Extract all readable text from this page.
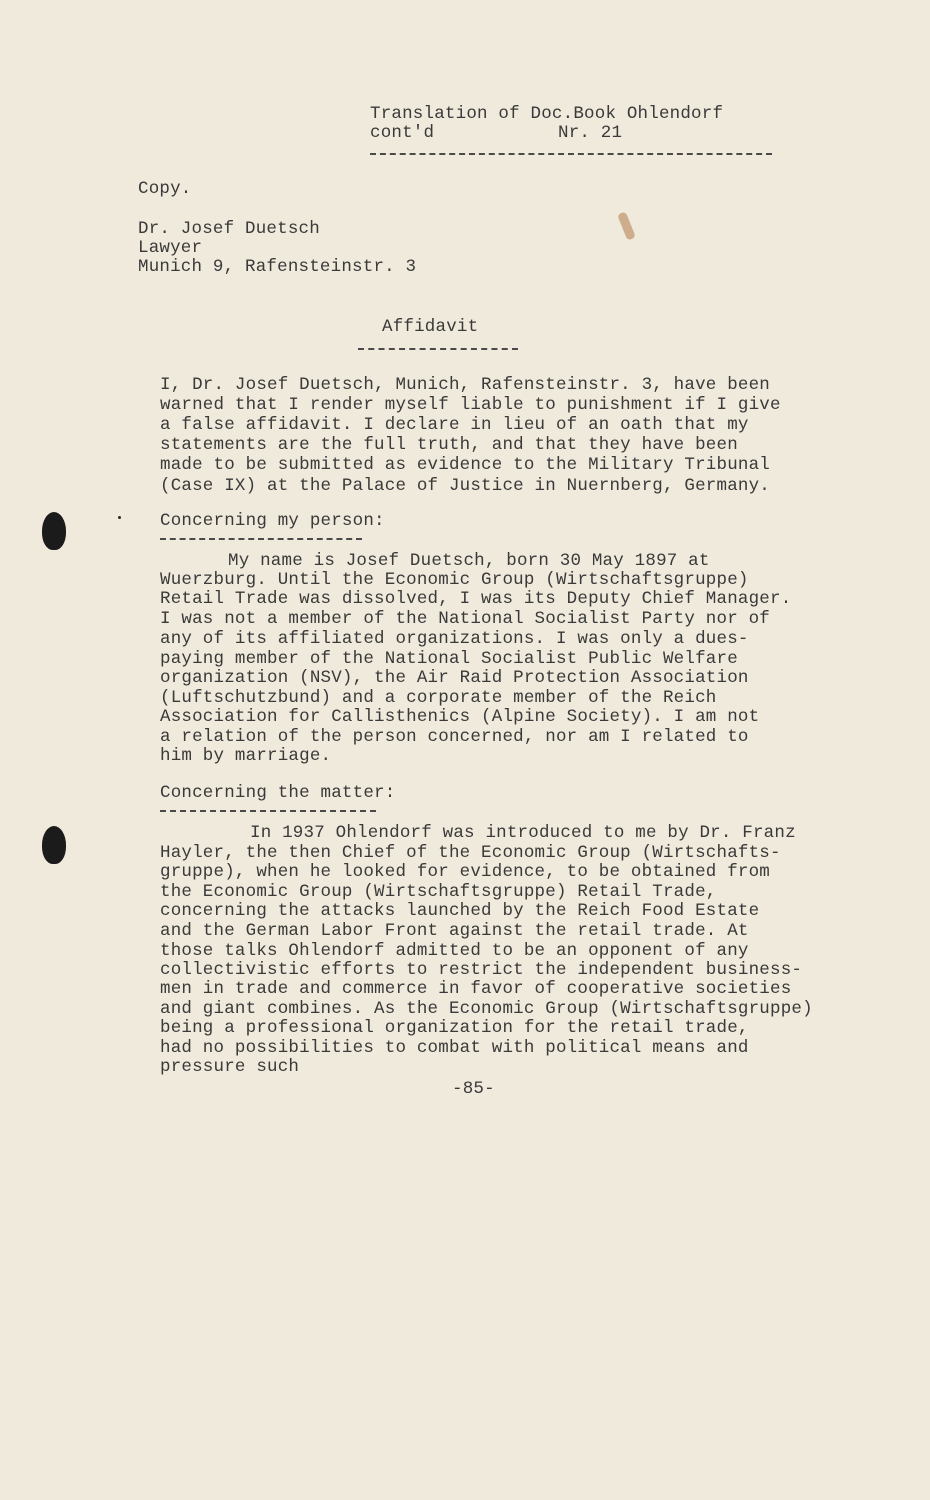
Translation of Doc.Book Ohlendorf
cont'd	Nr. 21
Copy.
Dr. Josef Duetsch
Lawyer
Munich 9, Rafensteinstr. 3
Affidavit
I, Dr. Josef Duetsch, Munich, Rafensteinstr. 3, have been
warned that I render myself liable to punishment if I give
a false affidavit. I declare in lieu of an oath that my
statements are the full truth, and that they have been
made to be submitted as evidence to the Military Tribunal
(Case IX) at the Palace of Justice in Nuernberg, Germany.
Concerning my person:
My name is Josef Duetsch, born 30 May 1897 at
Wuerzburg. Until the Economic Group (Wirtschaftsgruppe)
Retail Trade was dissolved, I was its Deputy Chief Manager.
I was not a member of the National Socialist Party nor of
any of its affiliated organizations. I was only a dues-
paying member of the National Socialist Public Welfare
organization (NSV), the Air Raid Protection Association
(Luftschutzbund) and a corporate member of the Reich
Association for Callisthenics (Alpine Society). I am not
a relation of the person concerned, nor am I related to
him by marriage.
Concerning the matter:
In 1937 Ohlendorf was introduced to me by Dr. Franz
Hayler, the then Chief of the Economic Group (Wirtschafts-
gruppe), when he looked for evidence, to be obtained from
the Economic Group (Wirtschaftsgruppe) Retail Trade,
concerning the attacks launched by the Reich Food Estate
and the German Labor Front against the retail trade. At
those talks Ohlendorf admitted to be an opponent of any
collectivistic efforts to restrict the independent business-
men in trade and commerce in favor of cooperative societies
and giant combines. As the Economic Group (Wirtschaftsgruppe)
being a professional organization for the retail trade,
had no possibilities to combat with political means and
pressure such
-85-
